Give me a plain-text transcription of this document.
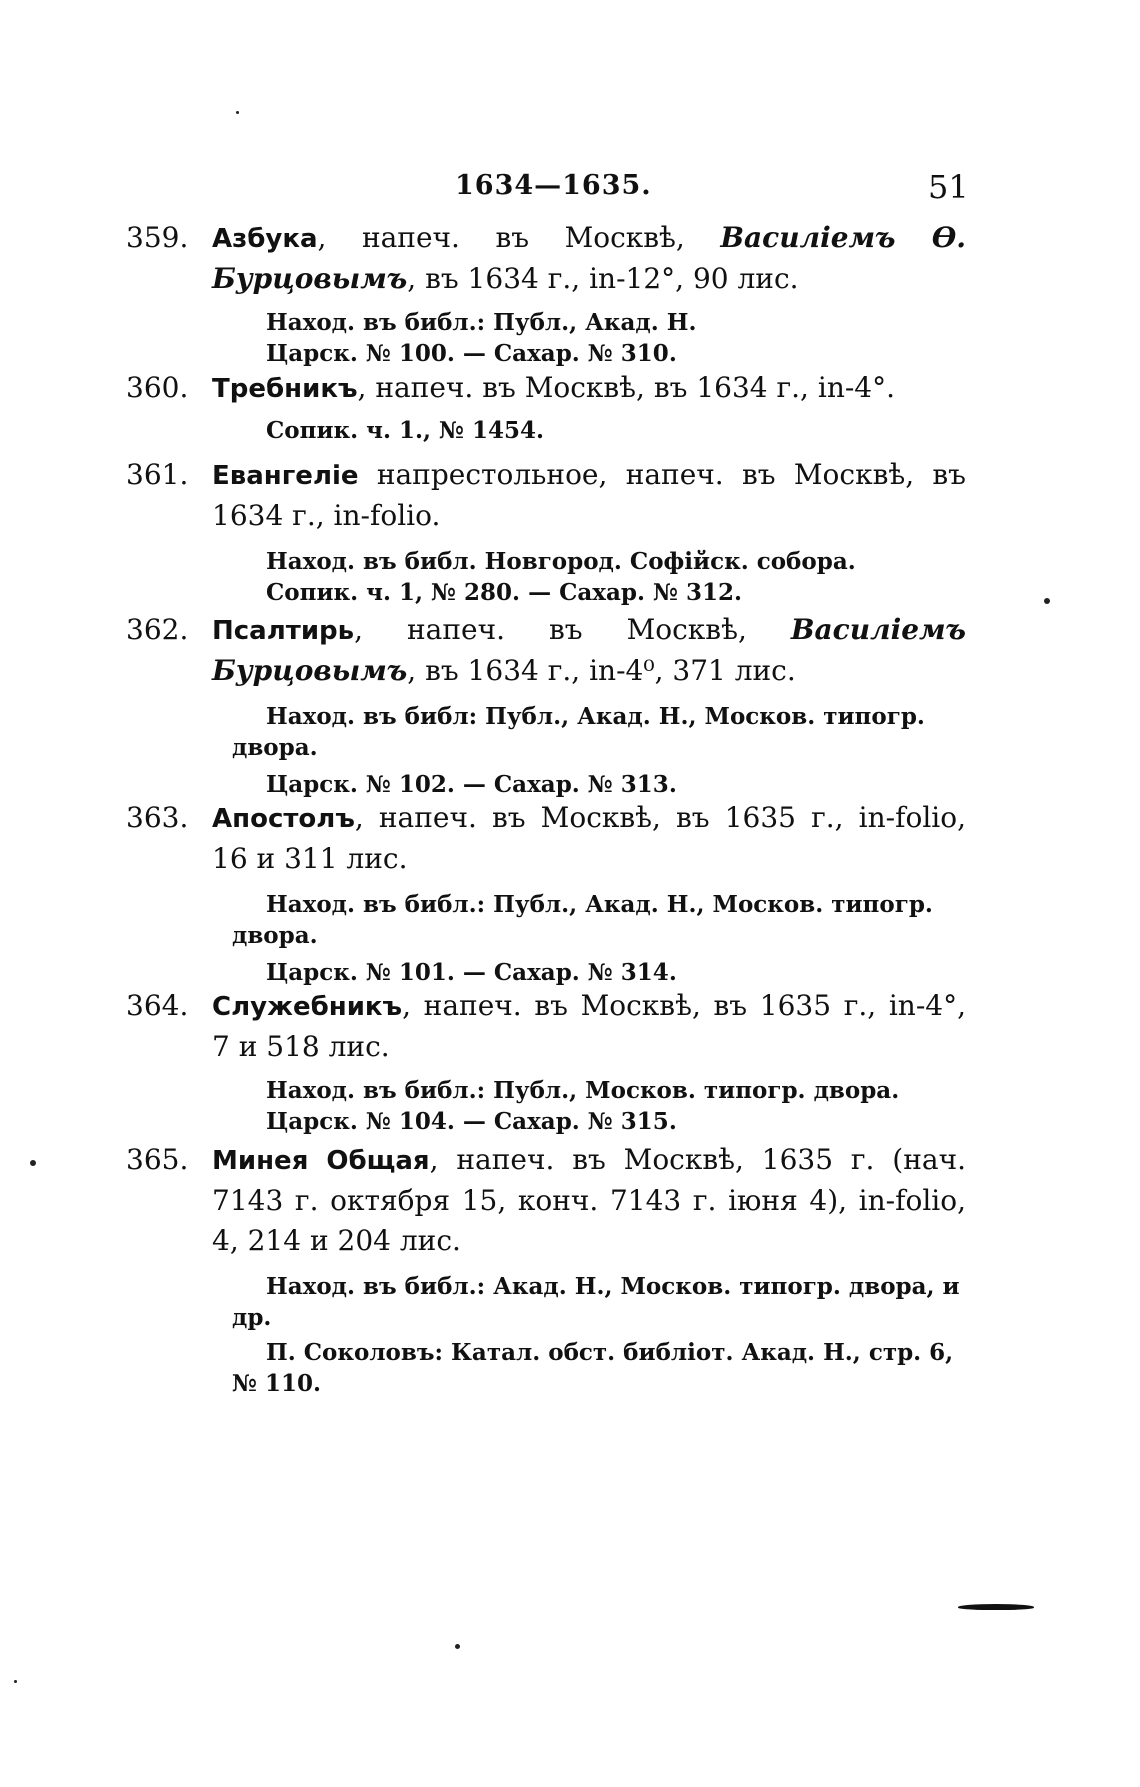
1634—1635.	51
359. Азбука, напеч. въ Москвѣ, Василіемъ Ѳ. Бурцовымъ, въ 1634 г., in-12°, 90 лис.
Наход. въ библ.: Публ., Акад. Н.
Царск. № 100. — Сахар. № 310.
360. Требникъ, напеч. въ Москвѣ, въ 1634 г., in-4°.
Сопик. ч. 1., № 1454.
361. Евангеліе напрестольное, напеч. въ Москвѣ, въ 1634 г., in-folio.
Наход. въ библ. Новгород. Софійск. собора.
Сопик. ч. 1, № 280. — Сахар. № 312.
362. Псалтирь, напеч. въ Москвѣ, Василіемъ Бурцовымъ, въ 1634 г., in-4⁰, 371 лис.
Наход. въ библ: Публ., Акад. Н., Москов. типогр. двора.
Царск. № 102. — Сахар. № 313.
363. Апостолъ, напеч. въ Москвѣ, въ 1635 г., in-folio, 16 и 311 лис.
Наход. въ библ.: Публ., Акад. Н., Москов. типогр. двора.
Царск. № 101. — Сахар. № 314.
364. Служебникъ, напеч. въ Москвѣ, въ 1635 г., in-4°, 7 и 518 лис.
Наход. въ библ.: Публ., Москов. типогр. двора.
Царск. № 104. — Сахар. № 315.
365. Минея Общая, напеч. въ Москвѣ, 1635 г. (нач. 7143 г. октября 15, конч. 7143 г. іюня 4), in-folio, 4, 214 и 204 лис.
Наход. въ библ.: Акад. Н., Москов. типогр. двора, и др.
П. Соколовъ: Катал. обст. библіот. Акад. Н., стр. 6, № 110.
